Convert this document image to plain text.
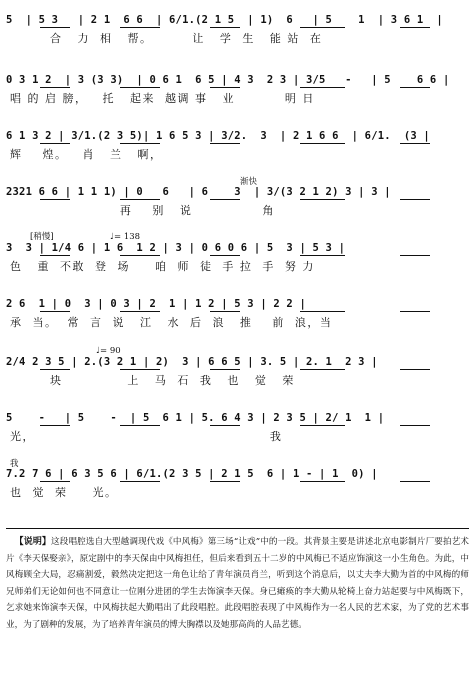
5  | 5 3   | 2 1  6 6  | 6/1.(2 1 5  | 1)  6   | 5    1  | 3 6 1  |
合   力  相   帮。        让   学  生   能 站  在
0 3 1 2  | 3 (3 3)  | 0 6 1  6 5 | 4 3  2 3 | 3/5   -   | 5    6 6 |
唱 的 启 膀，   托   起来  越调 事   业          明 日
6 1 3 2 | 3/1.(2 3 5)| 1 6 5 3 | 3/2.  3  | 2 1 6 6  | 6/1.  (3 |
辉    煌。   肖   兰   啊，
2321 6 6 | 1 1 1) | 0   6   | 6    3  | 3/(3 2 1 2) 3 | 3 |
再    别   说              角
渐快
3  3 | 1/4 6 | 1 6  1 2 | 3 | 0 6 0 6 | 5  3 | 5 3 |
色   重  不敢  登  场     咱  师  徒  手 拉  手  努 力
[稍慢]	♩= 138
2 6  1 | 0  3 | 0 3 | 2  1 | 1 2 | 5 3 | 2 2 |
承  当。  常  言  说   江   水  后  浪   推    前  浪，当
2/4 2 3 5 | 2.(3 2 1 | 2)  3 | 6 6 5 | 3. 5 | 2. 1  2 3 |
块             上   马  石  我   也   觉   荣
♩= 90
5    -   | 5    -  | 5  6 1 | 5. 6 4 3 | 2 3 5 | 2/ 1  1 |
光，                                               我
7.2 7 6 | 6 3 5 6 | 6/1.(2 3 5 | 2 1 5  6 | 1 - | 1  0) |
也  觉  荣     光。
我
【说明】这段唱腔选自大型越调现代戏《中风梅》第三场“让戏”中的一段。其背景主要是讲述北京电影制片厂要拍艺术片《李天保娶亲》，原定剧中的李天保由中风梅担任，但后来看到五十二岁的中风梅已不适应饰演这一小生角色。为此，中风梅顾全大局，忍痛割爱，毅然决定把这一角色让给了青年演员肖兰，听到这个消息后，以丈夫李大勤为首的中风梅的师兄师弟们无论如何也不同意让一位刚分进团的学生去饰演李天保。身已瘫痪的李大勤从轮椅上奋力站起要与中风梅既下，乞求她来饰演李天保，中风梅扶起大勤唱出了此段唱腔。此段唱腔表现了中风梅作为一名人民的艺术家，为了党的艺术事业，为了剧种的发展，为了培养青年演员的博大胸襟以及她那高尚的人品艺德。
